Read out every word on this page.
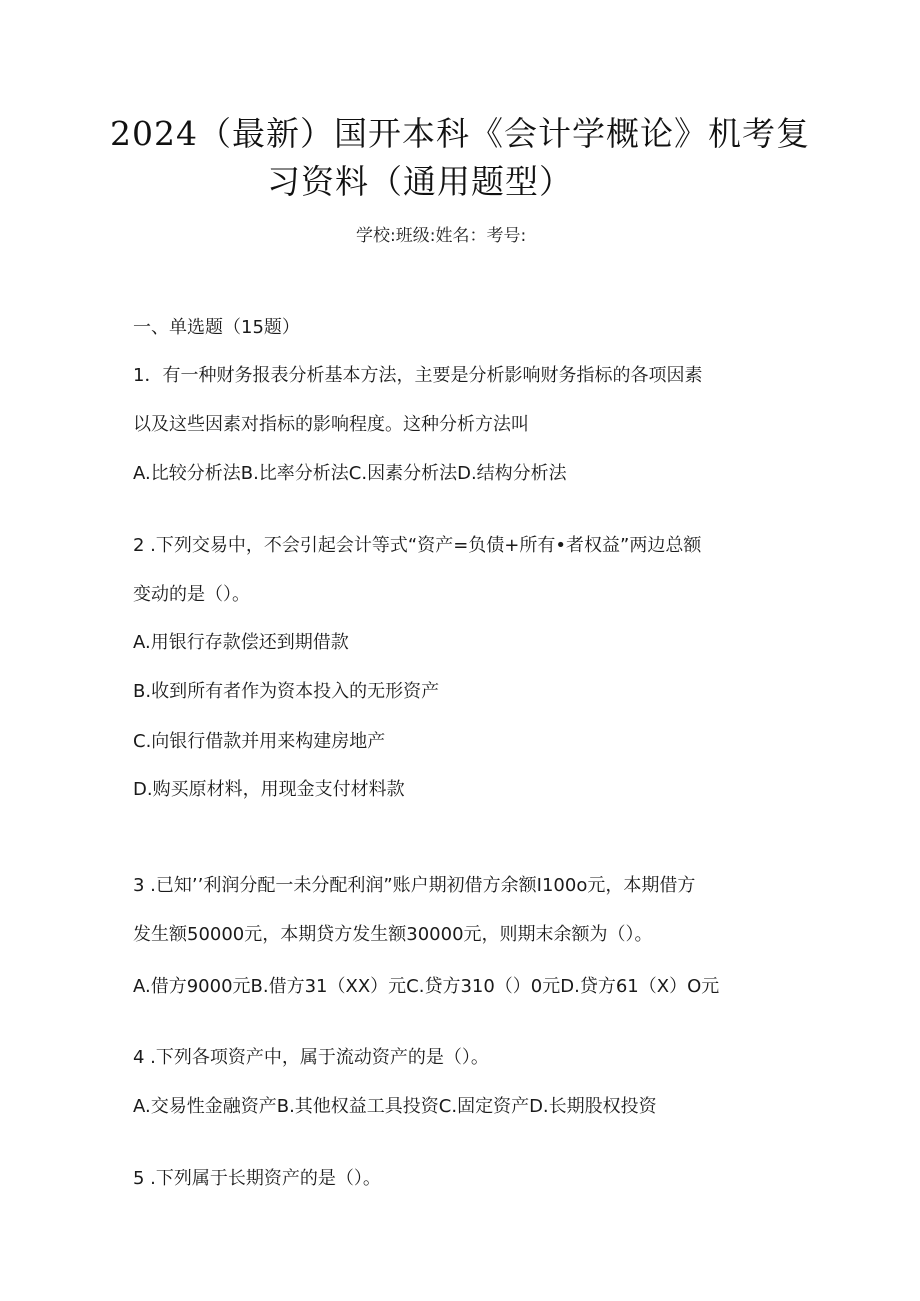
2024（最新）国开本科《会计学概论》机考复
习资料（通用题型）
学校:班级:姓名：考号:
一、单选题（15题）
1．有一种财务报表分析基本方法，主要是分析影响财务指标的各项因素
以及这些因素对指标的影响程度。这种分析方法叫
A.比较分析法B.比率分析法C.因素分析法D.结构分析法
2 .下列交易中，不会引起会计等式“资产=负债+所有•者权益”两边总额
变动的是（）。
A.用银行存款偿还到期借款
B.收到所有者作为资本投入的无形资产
C.向银行借款并用来构建房地产
D.购买原材料，用现金支付材料款
3 .已知’’利润分配一未分配利润”账户期初借方余额I100o元，本期借方
发生额50000元，本期贷方发生额30000元，则期末余额为（）。
A.借方9000元B.借方31（XX）元C.贷方310（）0元D.贷方61（X）O元
4 .下列各项资产中，属于流动资产的是（）。
A.交易性金融资产B.其他权益工具投资C.固定资产D.长期股权投资
5 .下列属于长期资产的是（）。
